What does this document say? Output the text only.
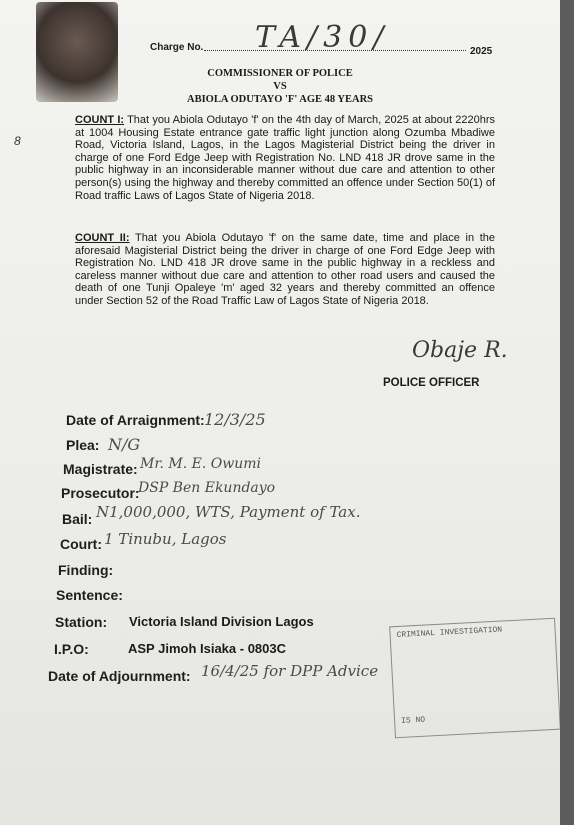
Charge No. TA/30/	2025
COMMISSIONER OF POLICE
VS
ABIOLA ODUTAYO 'F' AGE 48 YEARS
8
COUNT I: That you Abiola Odutayo 'f' on the 4th day of March, 2025 at about 2220hrs at 1004 Housing Estate entrance gate traffic light junction along Ozumba Mbadiwe Road, Victoria Island, Lagos, in the Lagos Magisterial District being the driver in charge of one Ford Edge Jeep with Registration No. LND 418 JR drove same in the public highway in an inconsiderable manner without due care and attention to other person(s) using the highway and thereby committed an offence under Section 50(1) of Road traffic Laws of Lagos State of Nigeria 2018.
COUNT II: That you Abiola Odutayo 'f' on the same date, time and place in the aforesaid Magisterial District being the driver in charge of one Ford Edge Jeep with Registration No. LND 418 JR drove same in the public highway in a reckless and careless manner without due care and attention to other road users and caused the death of one Tunji Opaleye 'm' aged 32 years and thereby committed an offence under Section 52 of the Road Traffic Law of Lagos State of Nigeria 2018.
Obaje R.
POLICE OFFICER
Date of Arraignment: 12/3/25
Plea: N/G
Magistrate: Mr. M. E. Owumi
Prosecutor:
DSP Ben Ekundayo
Bail: N1,000,000, WTS, Payment of Tax.
Court: 1 Tinubu, Lagos
Finding:
Sentence:
Station: Victoria Island Division Lagos
I.P.O:	ASP Jimoh Isiaka - 0803C
Date of Adjournment: 16/4/25 for DPP Advice
CRIMINAL INVESTIGATION
IS NO
